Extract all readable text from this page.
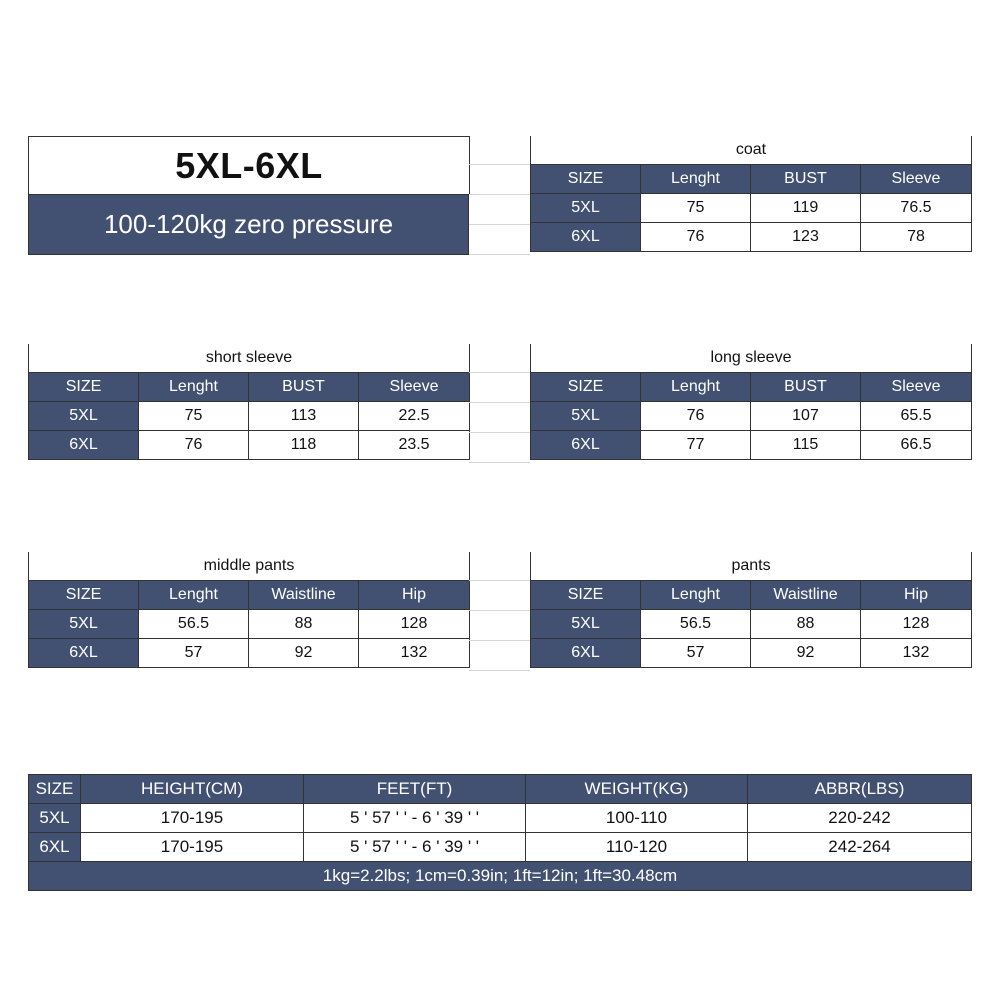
5XL-6XL
100-120kg zero pressure
coat			
SIZE	Lenght	BUST	Sleeve
5XL	75	119	76.5
6XL	76	123	78
short sleeve			
SIZE	Lenght	BUST	Sleeve
5XL	75	113	22.5
6XL	76	118	23.5
long sleeve			
SIZE	Lenght	BUST	Sleeve
5XL	76	107	65.5
6XL	77	115	66.5
middle pants			
SIZE	Lenght	Waistline	Hip
5XL	56.5	88	128
6XL	57	92	132
pants			
SIZE	Lenght	Waistline	Hip
5XL	56.5	88	128
6XL	57	92	132
SIZE	HEIGHT(CM)	FEET(FT)	WEIGHT(KG)	ABBR(LBS)
5XL	170-195	5 ' 57 ' ' - 6 ' 39 ' '	100-110	220-242
6XL	170-195	5 ' 57 ' ' - 6 ' 39 ' '	110-120	242-264
1kg=2.2lbs; 1cm=0.39in; 1ft=12in; 1ft=30.48cm				
